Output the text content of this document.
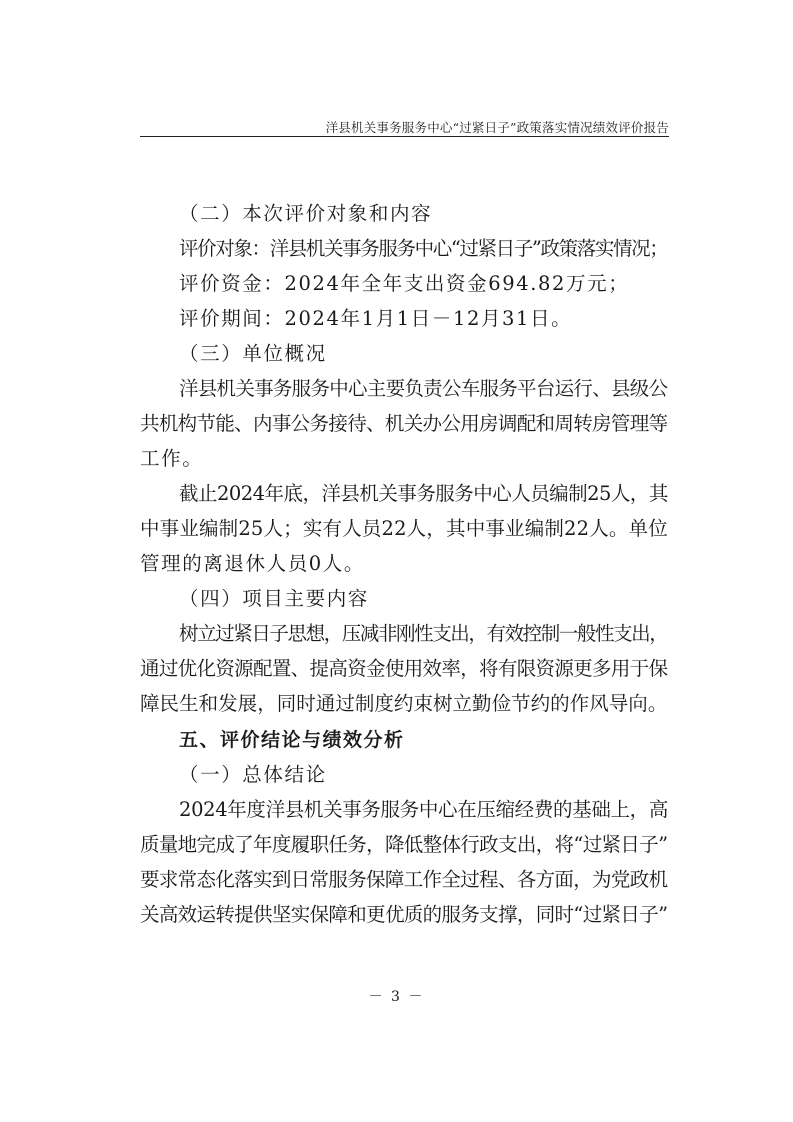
洋县机关事务服务中心“过紧日子”政策落实情况绩效评价报告
（二）本次评价对象和内容
评价对象：洋县机关事务服务中心“过紧日子”政策落实情况；
评价资金：2024年全年支出资金694.82万元；
评价期间：2024年1月1日－12月31日。
（三）单位概况
洋县机关事务服务中心主要负责公车服务平台运行、县级公
共机构节能、内事公务接待、机关办公用房调配和周转房管理等
工作。
截止2024年底，洋县机关事务服务中心人员编制25人，其
中事业编制25人；实有人员22人，其中事业编制22人。单位
管理的离退休人员0人。
（四）项目主要内容
树立过紧日子思想，压减非刚性支出，有效控制一般性支出，
通过优化资源配置、提高资金使用效率，将有限资源更多用于保
障民生和发展，同时通过制度约束树立勤俭节约的作风导向。
五、评价结论与绩效分析
（一）总体结论
2024年度洋县机关事务服务中心在压缩经费的基础上，高
质量地完成了年度履职任务，降低整体行政支出，将“过紧日子”
要求常态化落实到日常服务保障工作全过程、各方面，为党政机
关高效运转提供坚实保障和更优质的服务支撑，同时“过紧日子”
－ 3 －
